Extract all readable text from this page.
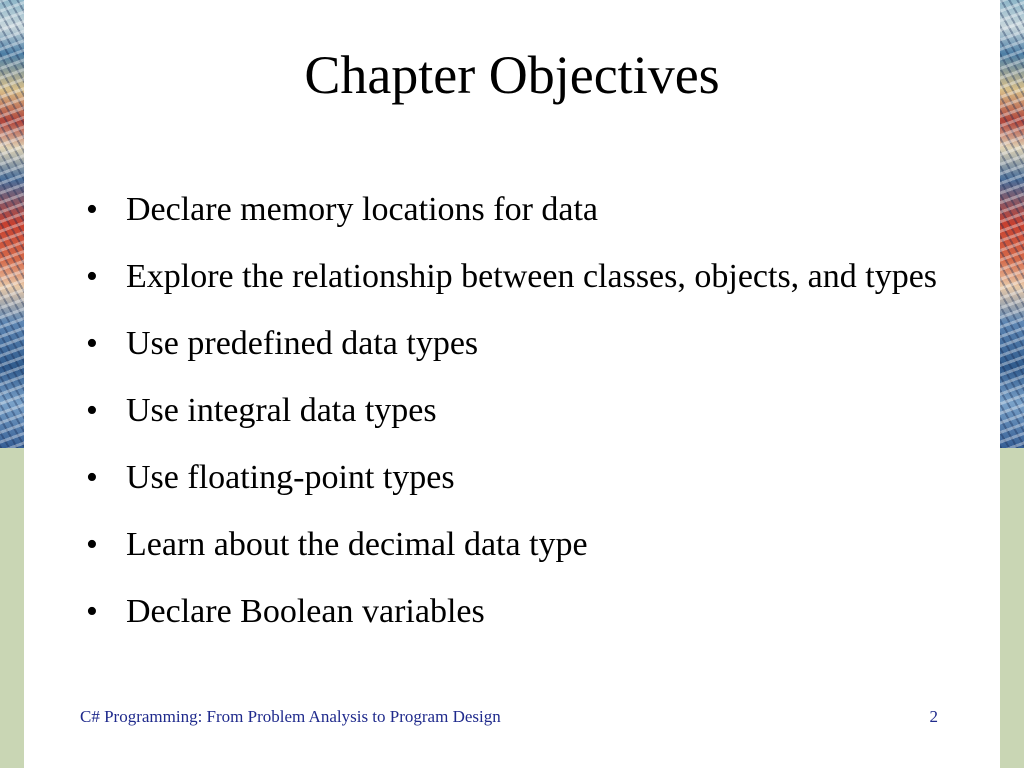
Chapter Objectives
• Declare memory locations for data
• Explore the relationship between classes, objects, and types
• Use predefined data types
• Use integral data types
• Use floating-point types
• Learn about the decimal data type
• Declare Boolean variables
C# Programming: From Problem Analysis to Program Design	2
